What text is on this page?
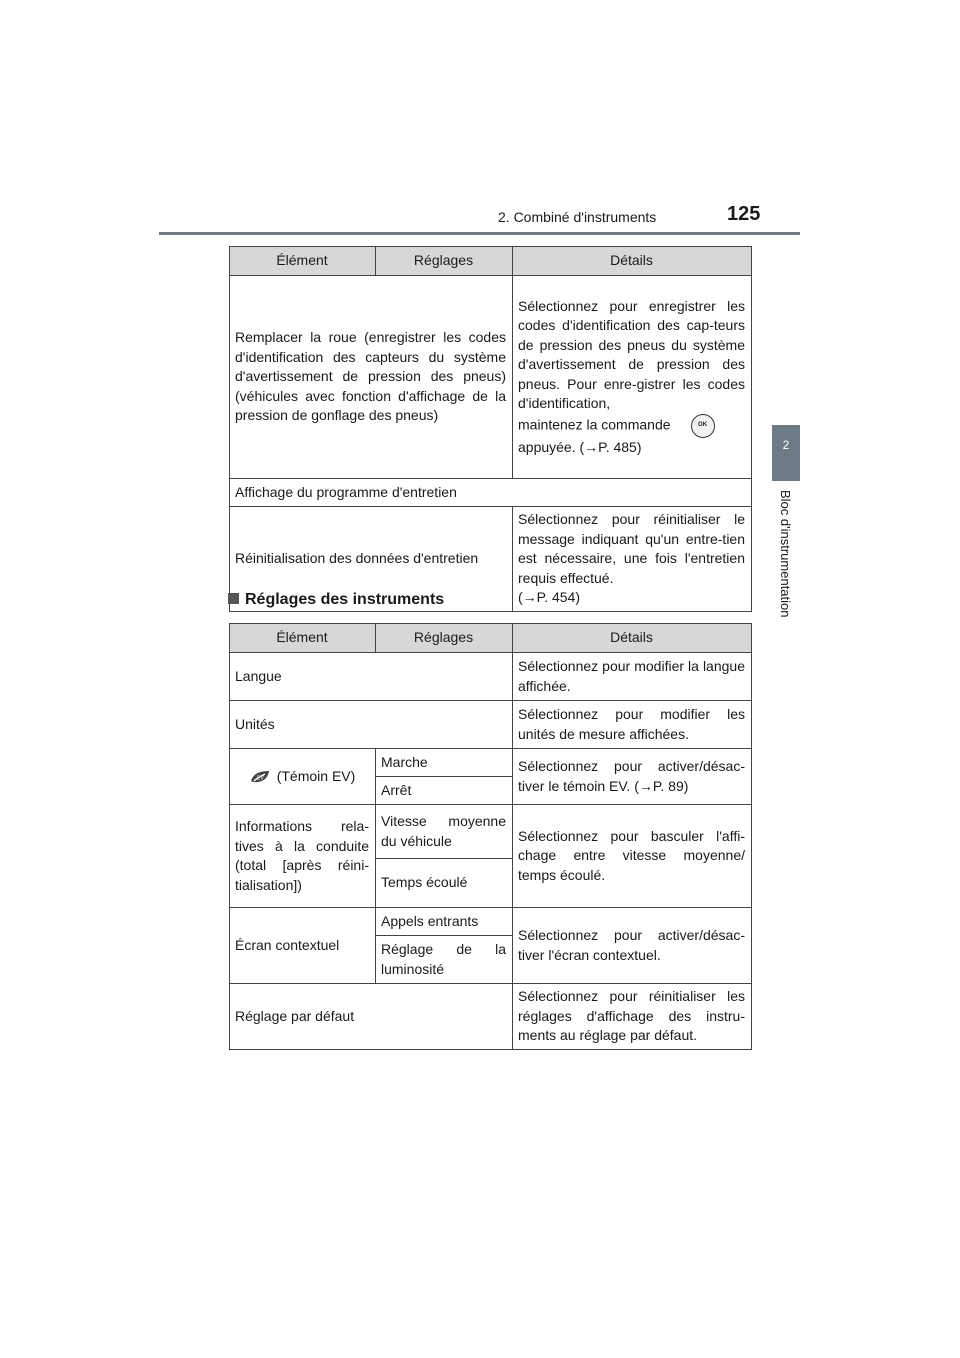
2. Combiné d'instruments	125
2
Bloc d'instrumentation
Élément	Réglages	Détails
Remplacer la roue (enregistrer les codes d'identification des capteurs du système d'avertissement de pression des pneus) (véhicules avec fonction d'affichage de la pression de gonflage des pneus)		Sélectionnez pour enregistrer les codes d'identification des cap-teurs de pression des pneus du système d'avertissement de pression des pneus. Pour enre-gistrer les codes d'identification,
maintenez la commande OK

appuyée. (→P. 485)
Affichage du programme d'entretien		
Réinitialisation des données d'entretien		Sélectionnez pour réinitialiser le message indiquant qu'un entre-tien est nécessaire, une fois l'entretien requis effectué.
(→P. 454)
Réglages des instruments
Élément	Réglages	Détails
Langue		Sélectionnez pour modifier la langue affichée.
Unités		Sélectionnez pour modifier les unités de mesure affichées.

EV (Témoin EV)	Marche	Sélectionnez pour activer/désac-tiver le témoin EV. (→P. 89)
	Arrêt	
Informations rela-tives à la conduite (total [après réini-tialisation])	Vitesse moyenne du véhicule	Sélectionnez pour basculer l'affi-chage entre vitesse moyenne/ temps écoulé.
	Temps écoulé	
Écran contextuel	Appels entrants	Sélectionnez pour activer/désac-tiver l'écran contextuel.
	Réglage de la luminosité	
Réglage par défaut		Sélectionnez pour réinitialiser les réglages d'affichage des instru-ments au réglage par défaut.
